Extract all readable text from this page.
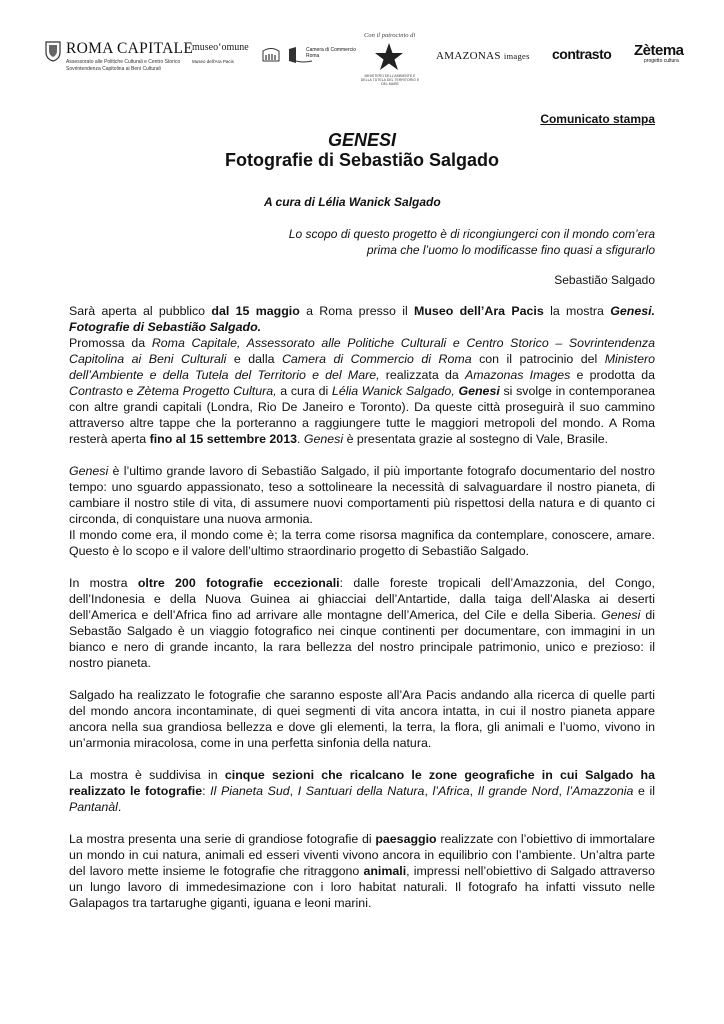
ROMA CAPITALE
Assessorato alle Politiche Culturali e Centro Storico
Sovrintendenza Capitolina ai Beni Culturali
museo‘omune
Museo dell'Ara Pacis
Camera di Commercio
Roma
Con il patrocinio di
MINISTERO DELL'AMBIENTE E DELLA TUTELA DEL TERRITORIO E DEL MARE
AMAZONAS images contrasto Zètema
progetto cultura
Comunicato stampa
GENESI
Fotografie di Sebastião Salgado
A cura di Lélia Wanick Salgado
Lo scopo di questo progetto è di ricongiungerci con il mondo com’era
prima che l’uomo lo modificasse fino quasi a sfigurarlo
Sebastião Salgado

Sarà aperta al pubblico dal 15 maggio a Roma presso il Museo dell’Ara Pacis la mostra Genesi. Fotografie di Sebastião Salgado.
Promossa da Roma Capitale, Assessorato alle Politiche Culturali e Centro Storico – Sovrintendenza Capitolina ai Beni Culturali e dalla Camera di Commercio di Roma con il patrocinio del Ministero dell’Ambiente e della Tutela del Territorio e del Mare, realizzata da Amazonas Images e prodotta da Contrasto e Zètema Progetto Cultura, a cura di Lélia Wanick Salgado, Genesi si svolge in contemporanea con altre grandi capitali (Londra, Rio De Janeiro e Toronto). Da queste città proseguirà il suo cammino attraverso altre tappe che la porteranno a raggiungere tutte le maggiori metropoli del mondo. A Roma resterà aperta fino al 15 settembre 2013. Genesi è presentata grazie al sostegno di Vale, Brasile.

Genesi è l’ultimo grande lavoro di Sebastião Salgado, il più importante fotografo documentario del nostro tempo: uno sguardo appassionato, teso a sottolineare la necessità di salvaguardare il nostro pianeta, di cambiare il nostro stile di vita, di assumere nuovi comportamenti più rispettosi della natura e di quanto ci circonda, di conquistare una nuova armonia.
Il mondo come era, il mondo come è; la terra come risorsa magnifica da contemplare, conoscere, amare. Questo è lo scopo e il valore dell’ultimo straordinario progetto di Sebastião Salgado.

In mostra oltre 200 fotografie eccezionali: dalle foreste tropicali dell’Amazzonia, del Congo, dell’Indonesia e della Nuova Guinea ai ghiacciai dell’Antartide, dalla taiga dell’Alaska ai deserti dell’America e dell’Africa fino ad arrivare alle montagne dell’America, del Cile e della Siberia. Genesi di Sebastão Salgado è un viaggio fotografico nei cinque continenti per documentare, con immagini in un bianco e nero di grande incanto, la rara bellezza del nostro principale patrimonio, unico e prezioso: il nostro pianeta.

Salgado ha realizzato le fotografie che saranno esposte all’Ara Pacis andando alla ricerca di quelle parti del mondo ancora incontaminate, di quei segmenti di vita ancora intatta, in cui il nostro pianeta appare ancora nella sua grandiosa bellezza e dove gli elementi, la terra, la flora, gli animali e l’uomo, vivono in un’armonia miracolosa, come in una perfetta sinfonia della natura.

La mostra è suddivisa in cinque sezioni che ricalcano le zone geografiche in cui Salgado ha realizzato le fotografie: Il Pianeta Sud, I Santuari della Natura, l’Africa, Il grande Nord, l’Amazzonia e il Pantanàl.

La mostra presenta una serie di grandiose fotografie di paesaggio realizzate con l’obiettivo di immortalare un mondo in cui natura, animali ed esseri viventi vivono ancora in equilibrio con l’ambiente. Un’altra parte del lavoro mette insieme le fotografie che ritraggono animali, impressi nell’obiettivo di Salgado attraverso un lungo lavoro di immedesimazione con i loro habitat naturali. Il fotografo ha infatti vissuto nelle Galapagos tra tartarughe giganti, iguana e leoni marini.
